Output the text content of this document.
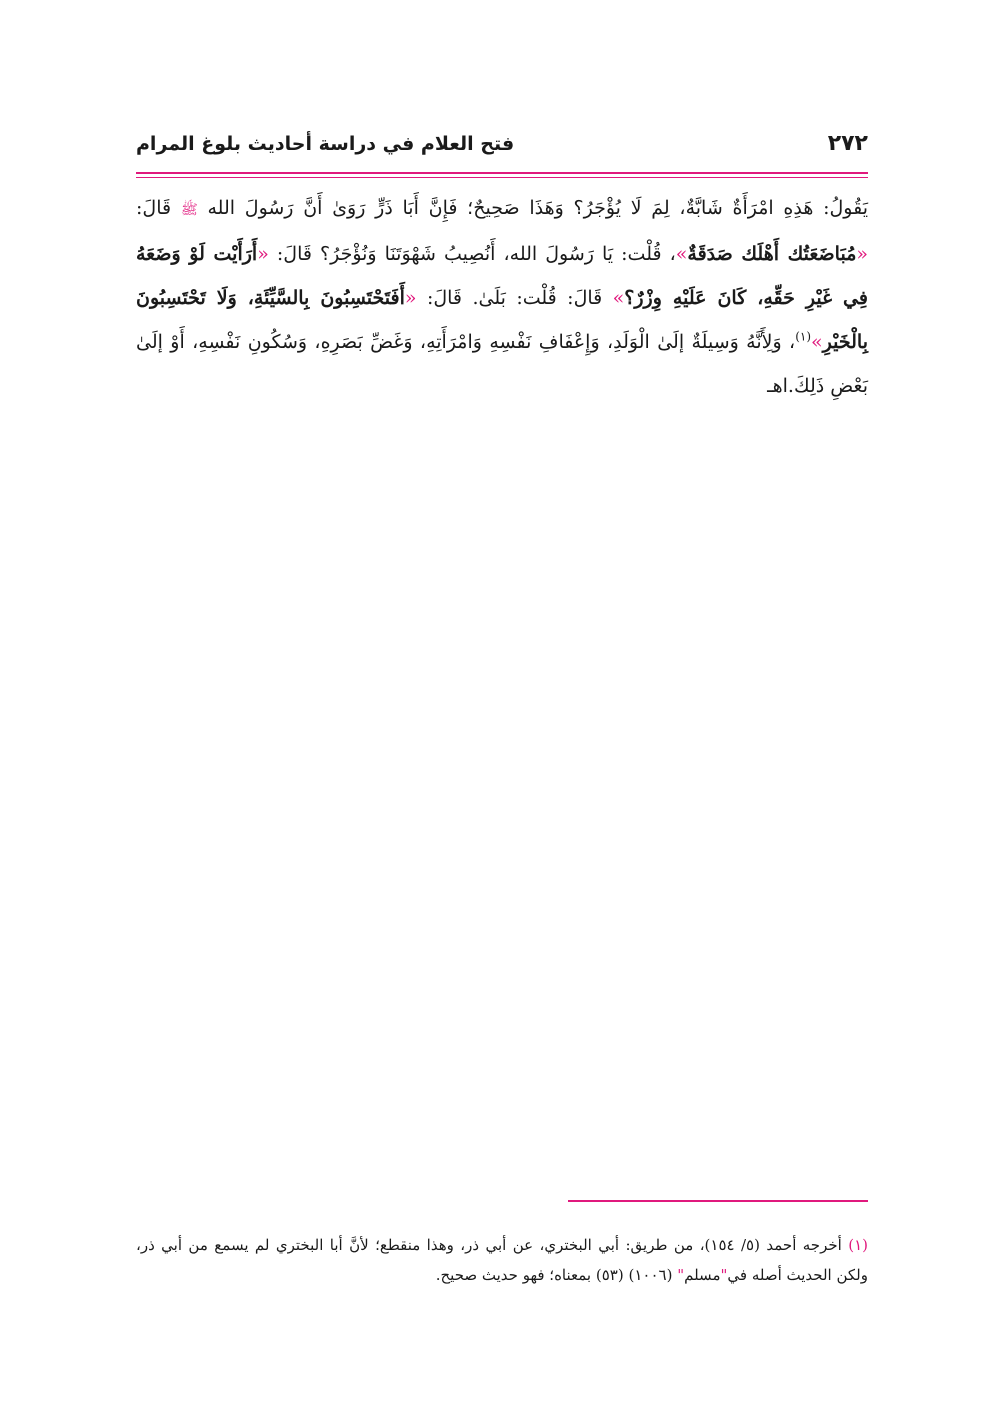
٢٧٢
فتح العلام في دراسة أحاديث بلوغ المرام

يَقُولُ: هَذِهِ امْرَأَةٌ شَابَّةٌ، لِمَ لَا يُؤْجَرُ؟ وَهَذَا صَحِيحٌ؛ فَإِنَّ أَبَا ذَرٍّ رَوَىٰ أَنَّ رَسُولَ الله ﷺ قَالَ: «مُبَاضَعَتُك أَهْلَك صَدَقَةٌ»، قُلْت: يَا رَسُولَ الله، أَنُصِيبُ شَهْوَتَنَا وَنُؤْجَرُ؟ قَالَ: «أَرَأَيْت لَوْ وَضَعَهُ فِي غَيْرِ حَقِّهِ، كَانَ عَلَيْهِ وِزْرٌ؟» قَالَ: قُلْت: بَلَىٰ. قَالَ: «أَفَتَحْتَسِبُونَ بِالسَّيِّئَةِ، وَلَا تَحْتَسِبُونَ بِالْخَيْرِ»$^{(١)}$، وَلِأَنَّهُ وَسِيلَةٌ إلَىٰ الْوَلَدِ، وَإِعْفَافِ نَفْسِهِ وَامْرَأَتِهِ، وَغَضِّ بَصَرِهِ، وَسُكُونِ نَفْسِهِ، أَوْ إلَىٰ بَعْضِ ذَلِكَ.اهـ

(١) أخرجه أحمد (٥/ ١٥٤)، من طريق: أبي البختري، عن أبي ذر، وهذا منقطع؛ لأنَّ أبا البختري لم يسمع من أبي ذر، ولكن الحديث أصله في"مسلم" (١٠٠٦) (٥٣) بمعناه؛ فهو حديث صحيح.
